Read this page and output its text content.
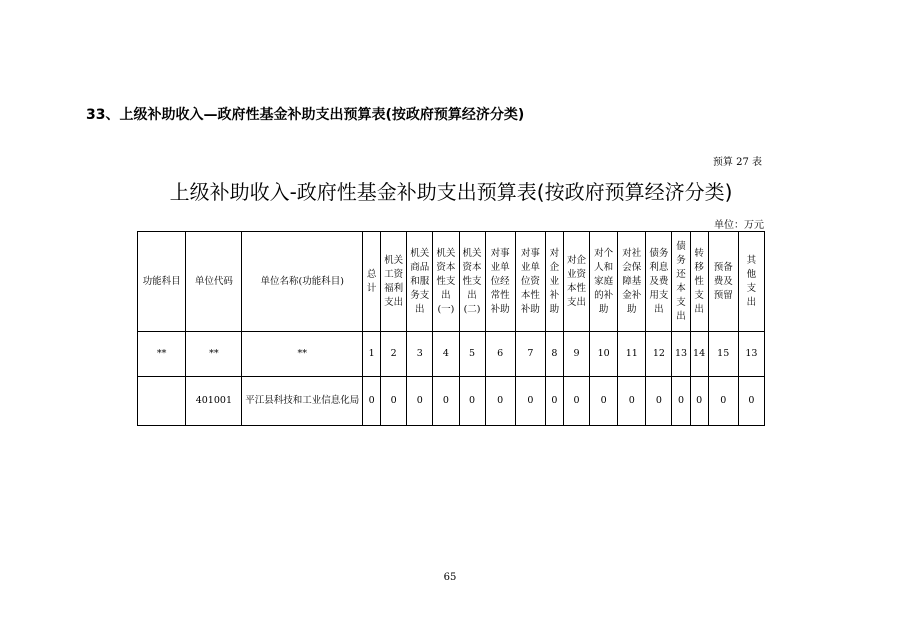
33、上级补助收入—政府性基金补助支出预算表(按政府预算经济分类)
预算 27 表
上级补助收入-政府性基金补助支出预算表(按政府预算经济分类)
单位：万元
功能科目	单位代码	单位名称(功能科目)	总计	机关工资福利支出	机关商品和服务支出	机关资本性支出(一)	机关资本性支出(二)	对事业单位经常性补助	对事业单位资本性补助	对企业补助	对企业资本性支出	对个人和家庭的补助	对社会保障基金补助	债务利息及费用支出	债务还本支出	转移性支出	预备费及预留	其他支出
**	**	**	1	2	3	4	5	6	7	8	9	10	11	12	13	14	15	13
	401001	平江县科技和工业信息化局	0	0	0	0	0	0	0	0	0	0	0	0	0	0	0	0
65
